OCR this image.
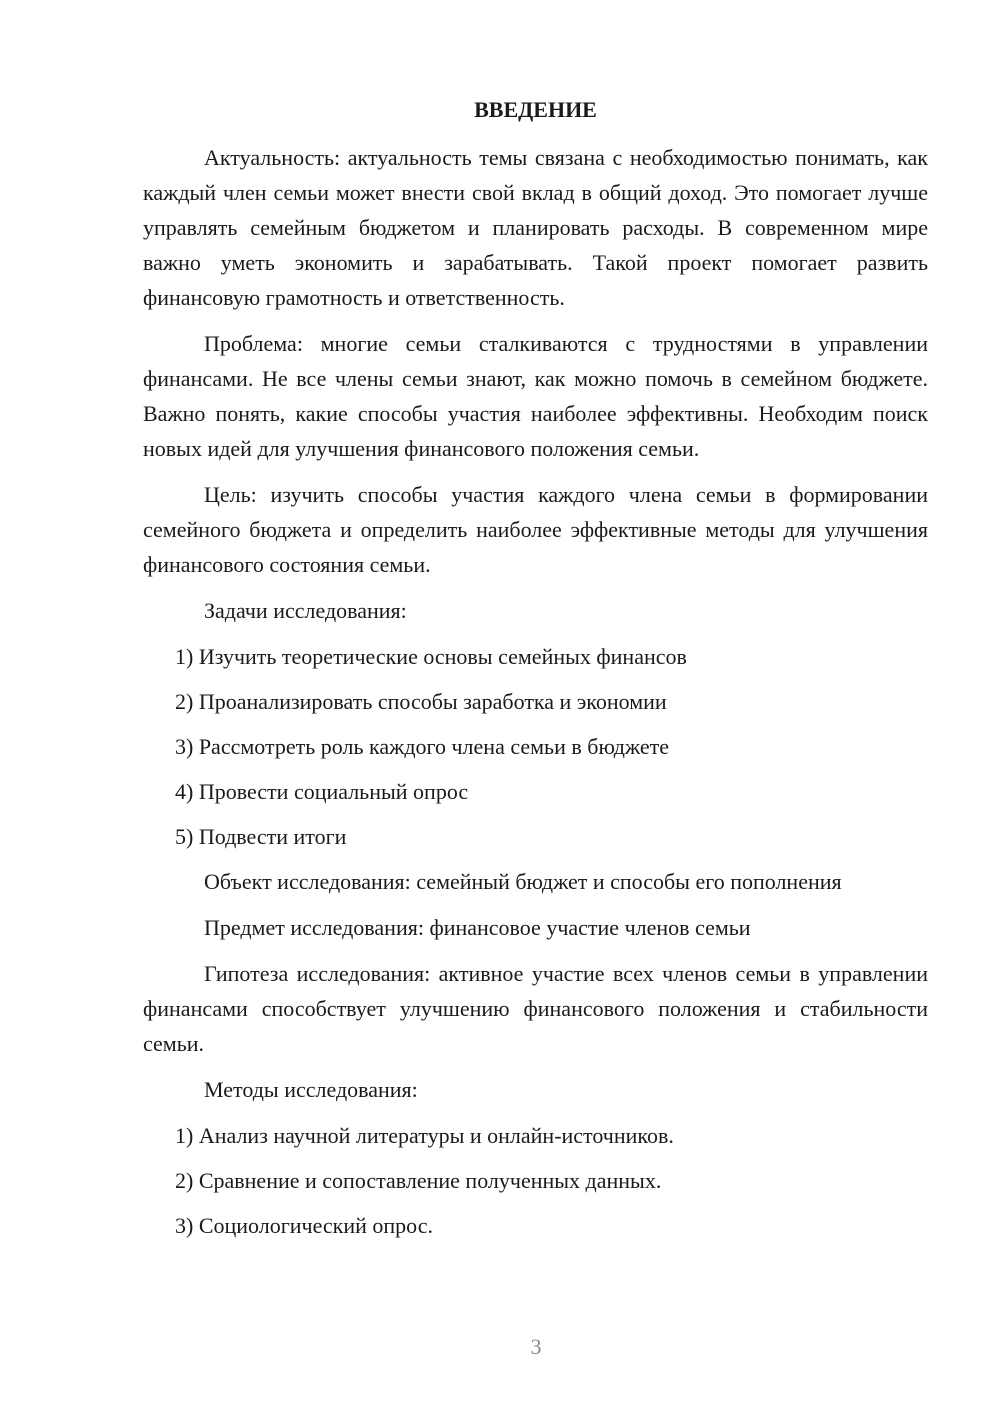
ВВЕДЕНИЕ

Актуальность: актуальность темы связана с необходимостью понимать, как каждый член семьи может внести свой вклад в общий доход. Это помогает лучше управлять семейным бюджетом и планировать расходы. В современном мире важно уметь экономить и зарабатывать. Такой проект помогает развить финансовую грамотность и ответственность.

Проблема: многие семьи сталкиваются с трудностями в управлении финансами. Не все члены семьи знают, как можно помочь в семейном бюджете. Важно понять, какие способы участия наиболее эффективны. Необходим поиск новых идей для улучшения финансового положения семьи.

Цель: изучить способы участия каждого члена семьи в формировании семейного бюджета и определить наиболее эффективные методы для улучшения финансового состояния семьи.

Задачи исследования:
1) Изучить теоретические основы семейных финансов
2) Проанализировать способы заработка и экономии
3) Рассмотреть роль каждого члена семьи в бюджете
4) Провести социальный опрос
5) Подвести итоги
Объект исследования: семейный бюджет и способы его пополнения
Предмет исследования: финансовое участие членов семьи

Гипотеза исследования: активное участие всех членов семьи в управлении финансами способствует улучшению финансового положения и стабильности семьи.

Методы исследования:
1) Анализ научной литературы и онлайн-источников.
2) Сравнение и сопоставление полученных данных.
3) Социологический опрос.
3
